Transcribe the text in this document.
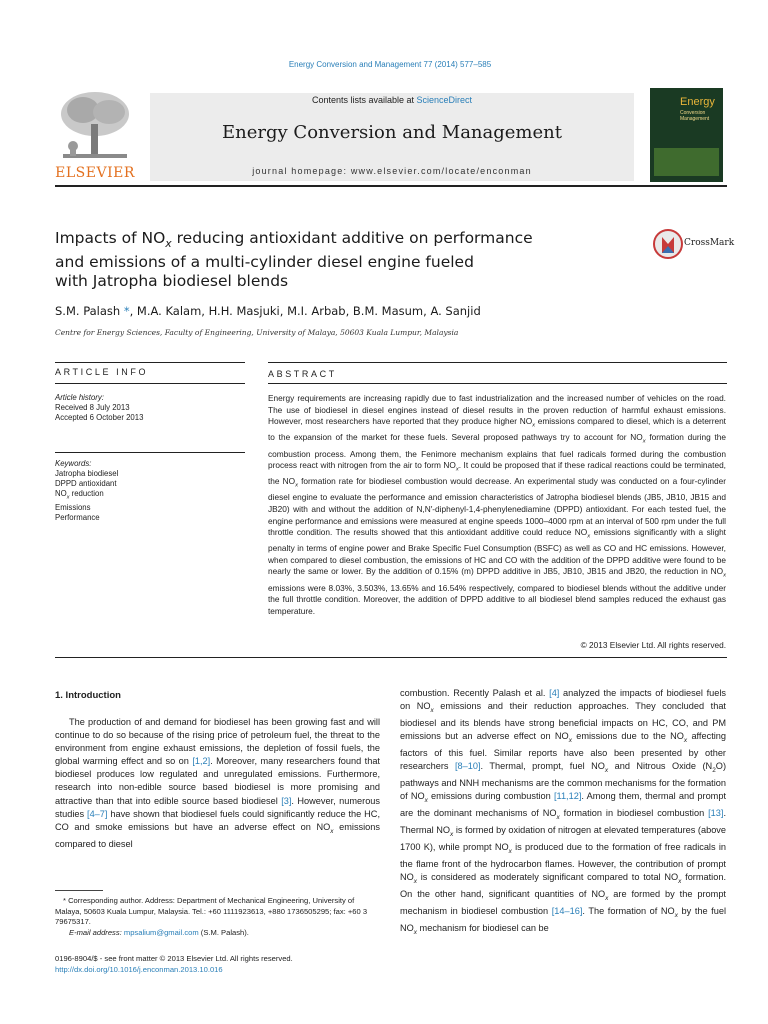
Energy Conversion and Management 77 (2014) 577–585
ELSEVIER
Contents lists available at ScienceDirect
Energy Conversion and Management
journal homepage: www.elsevier.com/locate/enconman
Energy
Conversion
Management
Impacts of $NO_x$ reducing antioxidant additive on performance
and emissions of a multi-cylinder diesel engine fueled
with Jatropha biodiesel blends
CrossMark
S.M. Palash *, M.A. Kalam, H.H. Masjuki, M.I. Arbab, B.M. Masum, A. Sanjid
Centre for Energy Sciences, Faculty of Engineering, University of Malaya, 50603 Kuala Lumpur, Malaysia
ARTICLE INFO	ABSTRACT
Article history:
Received 8 July 2013
Accepted 6 October 2013
Keywords:
Jatropha biodiesel
DPPD antioxidant
$NO_x$ reduction
Emissions
Performance
Energy requirements are increasing rapidly due to fast industrialization and the increased number of vehicles on the road. The use of biodiesel in diesel engines instead of diesel results in the proven reduction of harmful exhaust emissions. However, most researchers have reported that they produce higher $NO_x$ emissions compared to diesel, which is a deterrent to the expansion of the market for these fuels. Several proposed pathways try to account for $NO_x$ formation during the combustion process. Among them, the Fenimore mechanism explains that fuel radicals formed during the combustion process react with nitrogen from the air to form $NO_x$. It could be proposed that if these radical reactions could be terminated, the $NO_x$ formation rate for biodiesel combustion would decrease. An experimental study was conducted on a four-cylinder diesel engine to evaluate the performance and emission characteristics of Jatropha biodiesel blends (JB5, JB10, JB15 and JB20) with and without the addition of N,N′-diphenyl-1,4-phenylenediamine (DPPD) antioxidant. For each tested fuel, the engine performance and emissions were measured at engine speeds 1000–4000 rpm at an interval of 500 rpm under the full throttle condition. The results showed that this antioxidant additive could reduce $NO_x$ emissions significantly with a slight penalty in terms of engine power and Brake Specific Fuel Consumption (BSFC) as well as CO and HC emissions. However, when compared to diesel combustion, the emissions of HC and CO with the addition of the DPPD additive were found to be nearly the same or lower. By the addition of 0.15% (m) DPPD additive in JB5, JB10, JB15 and JB20, the reduction in $NO_x$ emissions were 8.03%, 3.503%, 13.65% and 16.54% respectively, compared to biodiesel blends without the additive under the full throttle condition. Moreover, the addition of DPPD additive to all biodiesel blend samples reduced the exhaust gas temperature.
© 2013 Elsevier Ltd. All rights reserved.
1. Introduction
The production of and demand for biodiesel has been growing fast and will continue to do so because of the rising price of petroleum fuel, the threat to the environment from engine exhaust emissions, the depletion of fossil fuels, the global warming effect and so on [1,2]. Moreover, many researchers found that biodiesel produces low regulated and unregulated emissions. Furthermore, research into non-edible source based biodiesel is more promising and attractive than that into edible source based biodiesel [3]. However, numerous studies [4–7] have shown that biodiesel fuels could significantly reduce the HC, CO and smoke emissions but have an adverse effect on $NO_x$ emissions compared to diesel
combustion. Recently Palash et al. [4] analyzed the impacts of biodiesel fuels on $NO_x$ emissions and their reduction approaches. They concluded that biodiesel and its blends have strong beneficial impacts on HC, CO, and PM emissions but an adverse effect on $NO_x$ emissions due to the $NO_x$ affecting factors of this fuel. Similar reports have also been presented by other researchers [8–10]. Thermal, prompt, fuel $NO_x$ and Nitrous Oxide $(N_2O)$ pathways and NNH mechanisms are the common mechanisms for the formation of $NO_x$ emissions during combustion [11,12]. Among them, thermal and prompt are the dominant mechanisms of $NO_x$ formation in biodiesel combustion [13]. Thermal $NO_x$ is formed by oxidation of nitrogen at elevated temperatures (above 1700 K), while prompt $NO_x$ is produced due to the formation of free radicals in the flame front of the hydrocarbon flames. However, the contribution of prompt $NO_x$ is considered as moderately significant compared to total $NO_x$ formation. On the other hand, significant quantities of $NO_x$ are formed by the prompt mechanism in biodiesel combustion [14–16]. The formation of $NO_x$ by the fuel $NO_x$ mechanism for biodiesel can be
* Corresponding author. Address: Department of Mechanical Engineering, University of Malaya, 50603 Kuala Lumpur, Malaysia. Tel.: +60 1111923613, +880 1736505295; fax: +60 3 79675317.
E-mail address: mpsalium@gmail.com (S.M. Palash).
0196-8904/$ - see front matter © 2013 Elsevier Ltd. All rights reserved.
http://dx.doi.org/10.1016/j.enconman.2013.10.016
